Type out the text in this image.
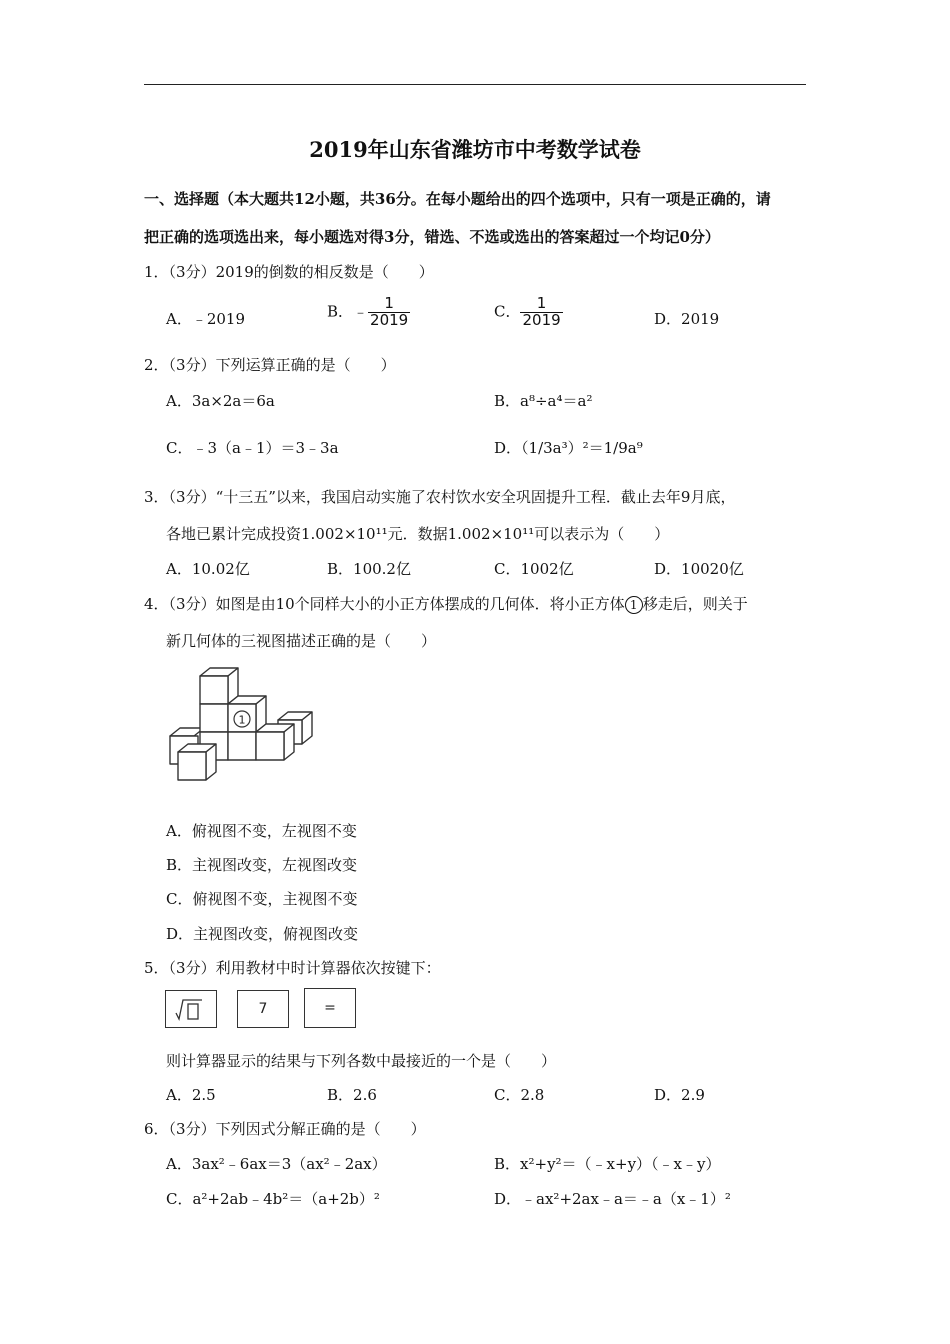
2019年山东省潍坊市中考数学试卷
一、选择题（本大题共12小题，共36分。在每小题给出的四个选项中，只有一项是正确的，请
把正确的选项选出来，每小题选对得3分，错选、不选或选出的答案超过一个均记0分）
1．（3分）2019的倒数的相反数是（　　）
A．﹣2019	B．﹣ $\frac{1}{2019}$	C． $\frac{1}{2019}$	D．2019
2．（3分）下列运算正确的是（　　）
A．3a×2a＝6a	B．a⁸÷a⁴＝a²
C．﹣3（a﹣1）＝3﹣3a	D．（1/3a³）²＝1/9a⁹
3．（3分）“十三五”以来，我国启动实施了农村饮水安全巩固提升工程．截止去年9月底，
各地已累计完成投资1.002×10¹¹元．数据1.002×10¹¹可以表示为（　　）
A．10.02亿	B．100.2亿	C．1002亿	D．10020亿
4．（3分）如图是由10个同样大小的小正方体摆成的几何体．将小正方体 1 移走后，则关于
新几何体的三视图描述正确的是（　　）
1
A．俯视图不变，左视图不变
B．主视图改变，左视图改变
C．俯视图不变，主视图不变
D．主视图改变，俯视图改变
5．（3分）利用教材中时计算器依次按键下：
7	=
则计算器显示的结果与下列各数中最接近的一个是（　　）
A．2.5	B．2.6	C．2.8	D．2.9
6．（3分）下列因式分解正确的是（　　）
A．3ax²﹣6ax＝3（ax²﹣2ax）	B．x²+y²＝（﹣x+y）（﹣x﹣y）
C．a²+2ab﹣4b²＝（a+2b）²	D．﹣ax²+2ax﹣a＝﹣a（x﹣1）²
